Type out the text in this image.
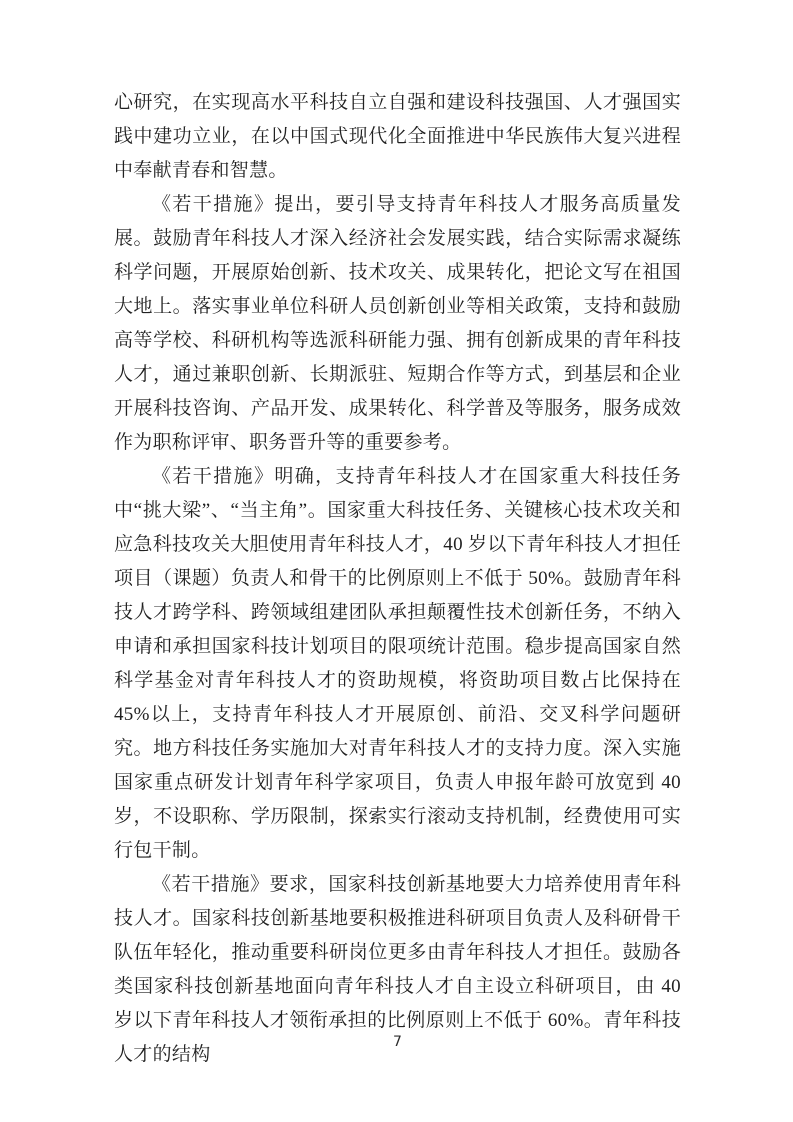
心研究，在实现高水平科技自立自强和建设科技强国、人才强国实践中建功立业，在以中国式现代化全面推进中华民族伟大复兴进程中奉献青春和智慧。

《若干措施》提出，要引导支持青年科技人才服务高质量发展。鼓励青年科技人才深入经济社会发展实践，结合实际需求凝练科学问题，开展原始创新、技术攻关、成果转化，把论文写在祖国大地上。落实事业单位科研人员创新创业等相关政策，支持和鼓励高等学校、科研机构等选派科研能力强、拥有创新成果的青年科技人才，通过兼职创新、长期派驻、短期合作等方式，到基层和企业开展科技咨询、产品开发、成果转化、科学普及等服务，服务成效作为职称评审、职务晋升等的重要参考。

《若干措施》明确，支持青年科技人才在国家重大科技任务中“挑大梁”、“当主角”。国家重大科技任务、关键核心技术攻关和应急科技攻关大胆使用青年科技人才，40 岁以下青年科技人才担任项目（课题）负责人和骨干的比例原则上不低于 50%。鼓励青年科技人才跨学科、跨领域组建团队承担颠覆性技术创新任务，不纳入申请和承担国家科技计划项目的限项统计范围。稳步提高国家自然科学基金对青年科技人才的资助规模，将资助项目数占比保持在 45%以上，支持青年科技人才开展原创、前沿、交叉科学问题研究。地方科技任务实施加大对青年科技人才的支持力度。深入实施国家重点研发计划青年科学家项目，负责人申报年龄可放宽到 40 岁，不设职称、学历限制，探索实行滚动支持机制，经费使用可实行包干制。

《若干措施》要求，国家科技创新基地要大力培养使用青年科技人才。国家科技创新基地要积极推进科研项目负责人及科研骨干队伍年轻化，推动重要科研岗位更多由青年科技人才担任。鼓励各类国家科技创新基地面向青年科技人才自主设立科研项目，由 40 岁以下青年科技人才领衔承担的比例原则上不低于 60%。青年科技人才的结构

7
